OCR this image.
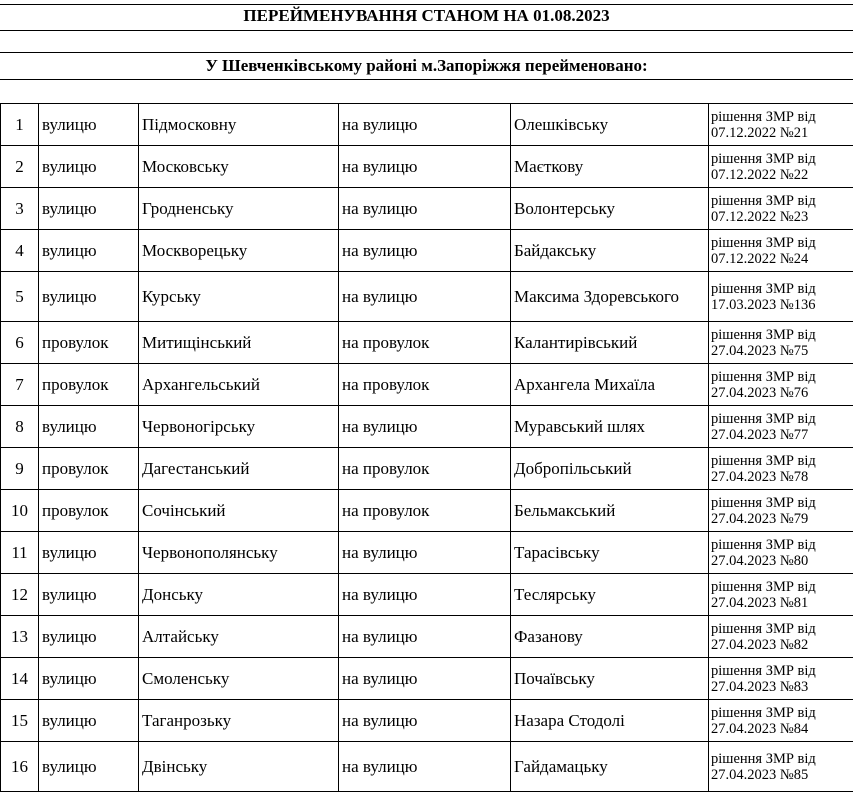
ПЕРЕЙМЕНУВАННЯ СТАНОМ НА 01.08.2023
У Шевченківському районі м.Запоріжжя перейменовано:
1	вулицю	Підмосковну	на вулицю	Олешківську	рішення ЗМР від
07.12.2022 №21

2	вулицю	Московську	на вулицю	Маєткову	рішення ЗМР від
07.12.2022 №22

3	вулицю	Гродненську	на вулицю	Волонтерську	рішення ЗМР від
07.12.2022 №23

4	вулицю	Москворецьку	на вулицю	Байдакську	рішення ЗМР від
07.12.2022 №24

5	вулицю	Курську	на вулицю	Максима Здоревського	рішення ЗМР від
17.03.2023 №136

6	провулок	Митищінський	на провулок	Калантирівський	рішення ЗМР від
27.04.2023 №75

7	провулок	Архангельський	на провулок	Архангела Михаїла	рішення ЗМР від
27.04.2023 №76

8	вулицю	Червоногірську	на вулицю	Муравський шлях	рішення ЗМР від
27.04.2023 №77

9	провулок	Дагестанський	на провулок	Добропільський	рішення ЗМР від
27.04.2023 №78

10	провулок	Сочінський	на провулок	Бельмакський	рішення ЗМР від
27.04.2023 №79

11	вулицю	Червонополянську	на вулицю	Тарасівську	рішення ЗМР від
27.04.2023 №80

12	вулицю	Донську	на вулицю	Теслярську	рішення ЗМР від
27.04.2023 №81

13	вулицю	Алтайську	на вулицю	Фазанову	рішення ЗМР від
27.04.2023 №82

14	вулицю	Смоленську	на вулицю	Почаївську	рішення ЗМР від
27.04.2023 №83

15	вулицю	Таганрозьку	на вулицю	Назара Стодолі	рішення ЗМР від
27.04.2023 №84

16	вулицю	Двінську	на вулицю	Гайдамацьку	рішення ЗМР від
27.04.2023 №85
